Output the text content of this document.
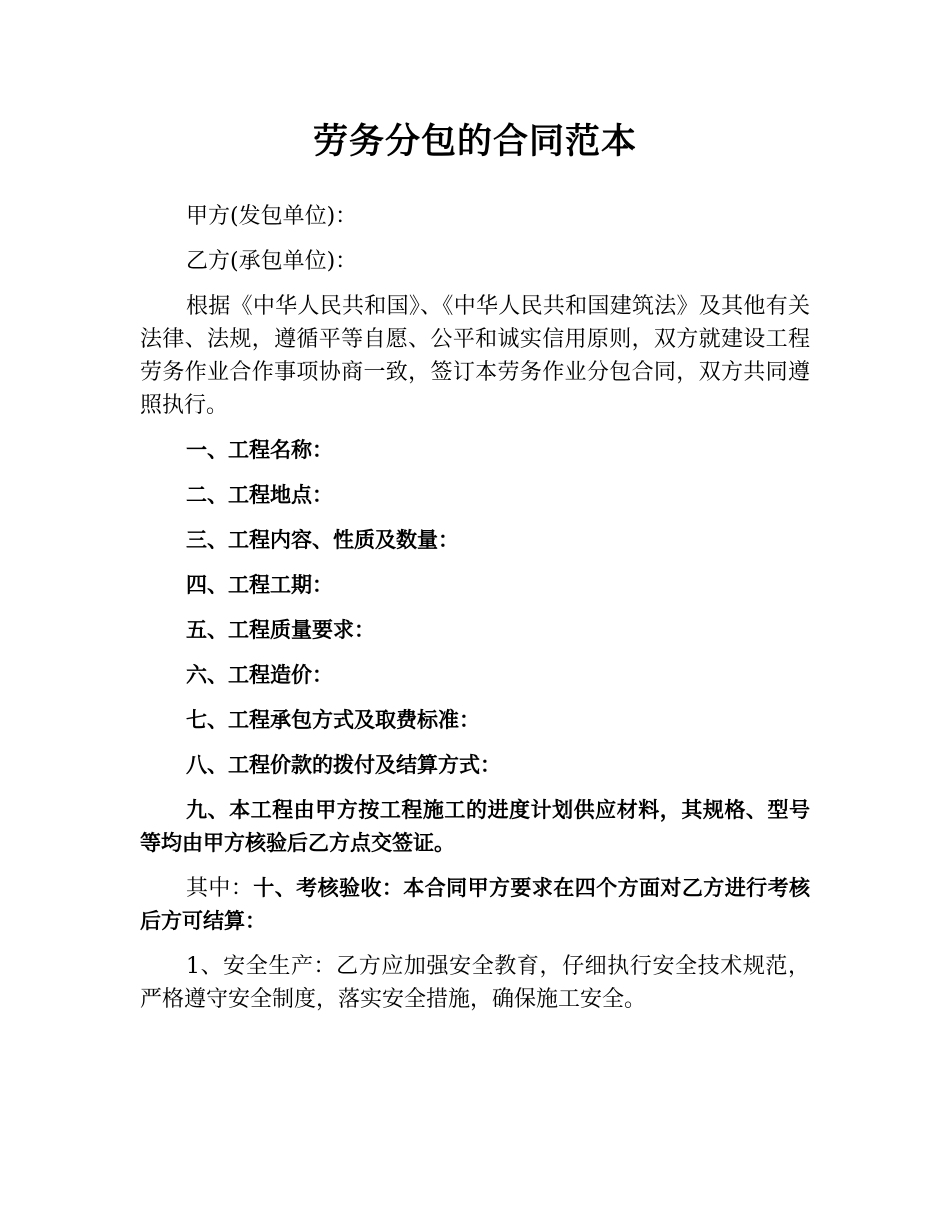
劳务分包的合同范本

甲方(发包单位)：

乙方(承包单位)：

根据《中华人民共和国》、《中华人民共和国建筑法》及其他有关法律、法规，遵循平等自愿、公平和诚实信用原则，双方就建设工程劳务作业合作事项协商一致，签订本劳务作业分包合同，双方共同遵照执行。

一、工程名称：

二、工程地点：

三、工程内容、性质及数量：

四、工程工期：

五、工程质量要求：

六、工程造价：

七、工程承包方式及取费标准：

八、工程价款的拨付及结算方式：

九、本工程由甲方按工程施工的进度计划供应材料，其规格、型号等均由甲方核验后乙方点交签证。

其中：十、考核验收：本合同甲方要求在四个方面对乙方进行考核后方可结算：

1、安全生产：乙方应加强安全教育，仔细执行安全技术规范，严格遵守安全制度，落实安全措施，确保施工安全。
